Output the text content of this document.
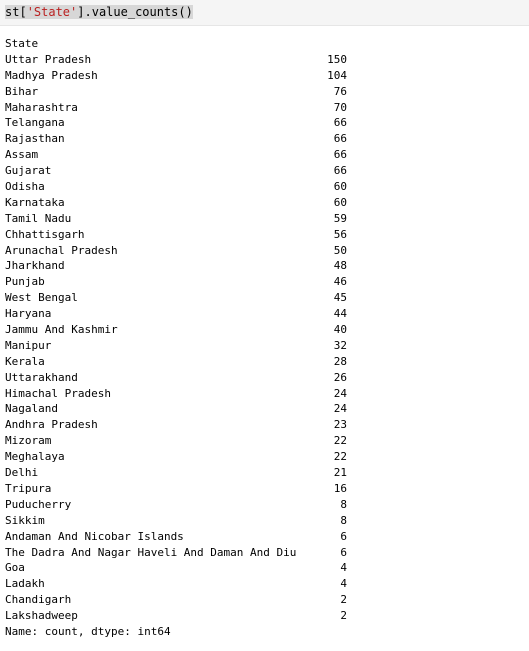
st['State'].value_counts()
State
Uttar Pradesh	150
Madhya Pradesh	104
Bihar	76
Maharashtra	70
Telangana	66
Rajasthan	66
Assam	66
Gujarat	66
Odisha	60
Karnataka	60
Tamil Nadu	59
Chhattisgarh	56
Arunachal Pradesh	50
Jharkhand	48
Punjab	46
West Bengal	45
Haryana	44
Jammu And Kashmir	40
Manipur	32
Kerala	28
Uttarakhand	26
Himachal Pradesh	24
Nagaland	24
Andhra Pradesh	23
Mizoram	22
Meghalaya	22
Delhi	21
Tripura	16
Puducherry	8
Sikkim	8
Andaman And Nicobar Islands	6
The Dadra And Nagar Haveli And Daman And Diu	6
Goa	4
Ladakh	4
Chandigarh	2
Lakshadweep	2
Name: count, dtype: int64
